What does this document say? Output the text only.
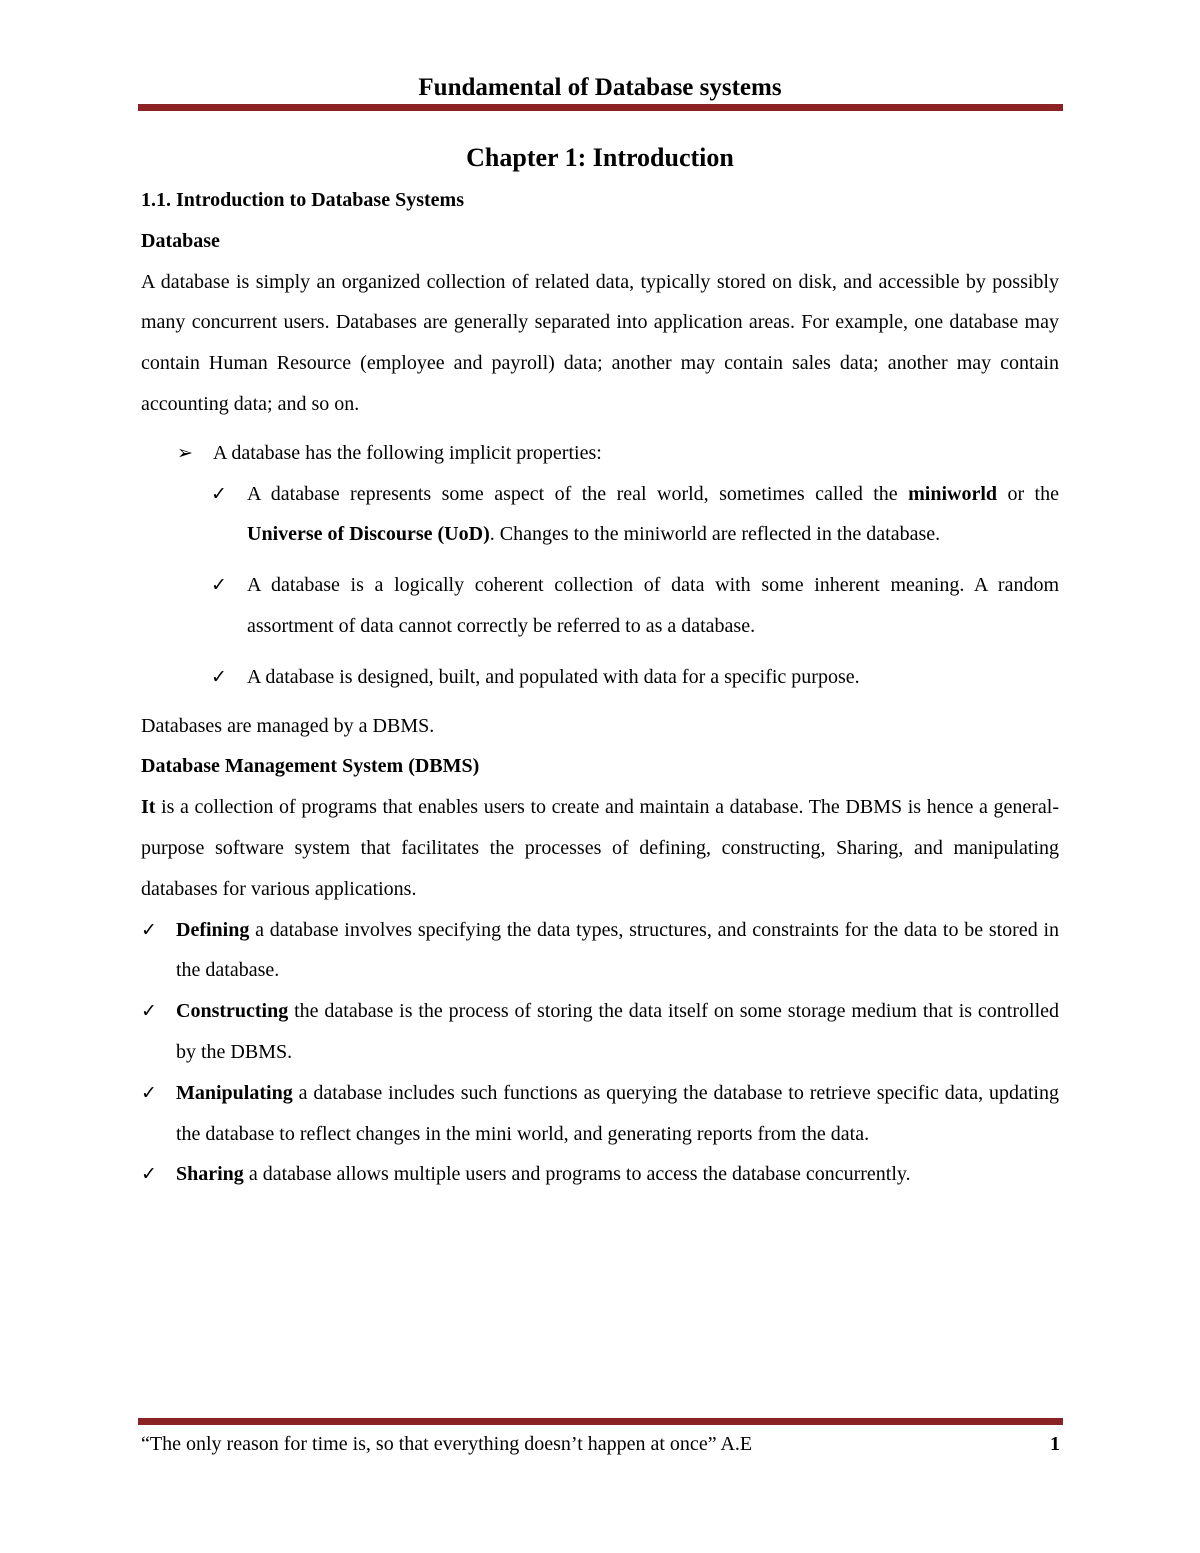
Fundamental of Database systems
Chapter 1: Introduction
1.1. Introduction to Database Systems
Database

A database is simply an organized collection of related data, typically stored on disk, and accessible by possibly many concurrent users. Databases are generally separated into application areas. For example, one database may contain Human Resource (employee and payroll) data; another may contain sales data; another may contain accounting data; and so on.

➢ A database has the following implicit properties:
✓ A database represents some aspect of the real world, sometimes called the miniworld or the Universe of Discourse (UoD). Changes to the miniworld are reflected in the database.
✓ A database is a logically coherent collection of data with some inherent meaning. A random assortment of data cannot correctly be referred to as a database.
✓ A database is designed, built, and populated with data for a specific purpose.

Databases are managed by a DBMS.

Database Management System (DBMS)

It is a collection of programs that enables users to create and maintain a database. The DBMS is hence a general-purpose software system that facilitates the processes of defining, constructing, Sharing, and manipulating databases for various applications.

✓ Defining a database involves specifying the data types, structures, and constraints for the data to be stored in the database.
✓ Constructing the database is the process of storing the data itself on some storage medium that is controlled by the DBMS.
✓ Manipulating a database includes such functions as querying the database to retrieve specific data, updating the database to reflect changes in the mini world, and generating reports from the data.
✓ Sharing a database allows multiple users and programs to access the database concurrently.
“The only reason for time is, so that everything doesn’t happen at once” A.E	1
